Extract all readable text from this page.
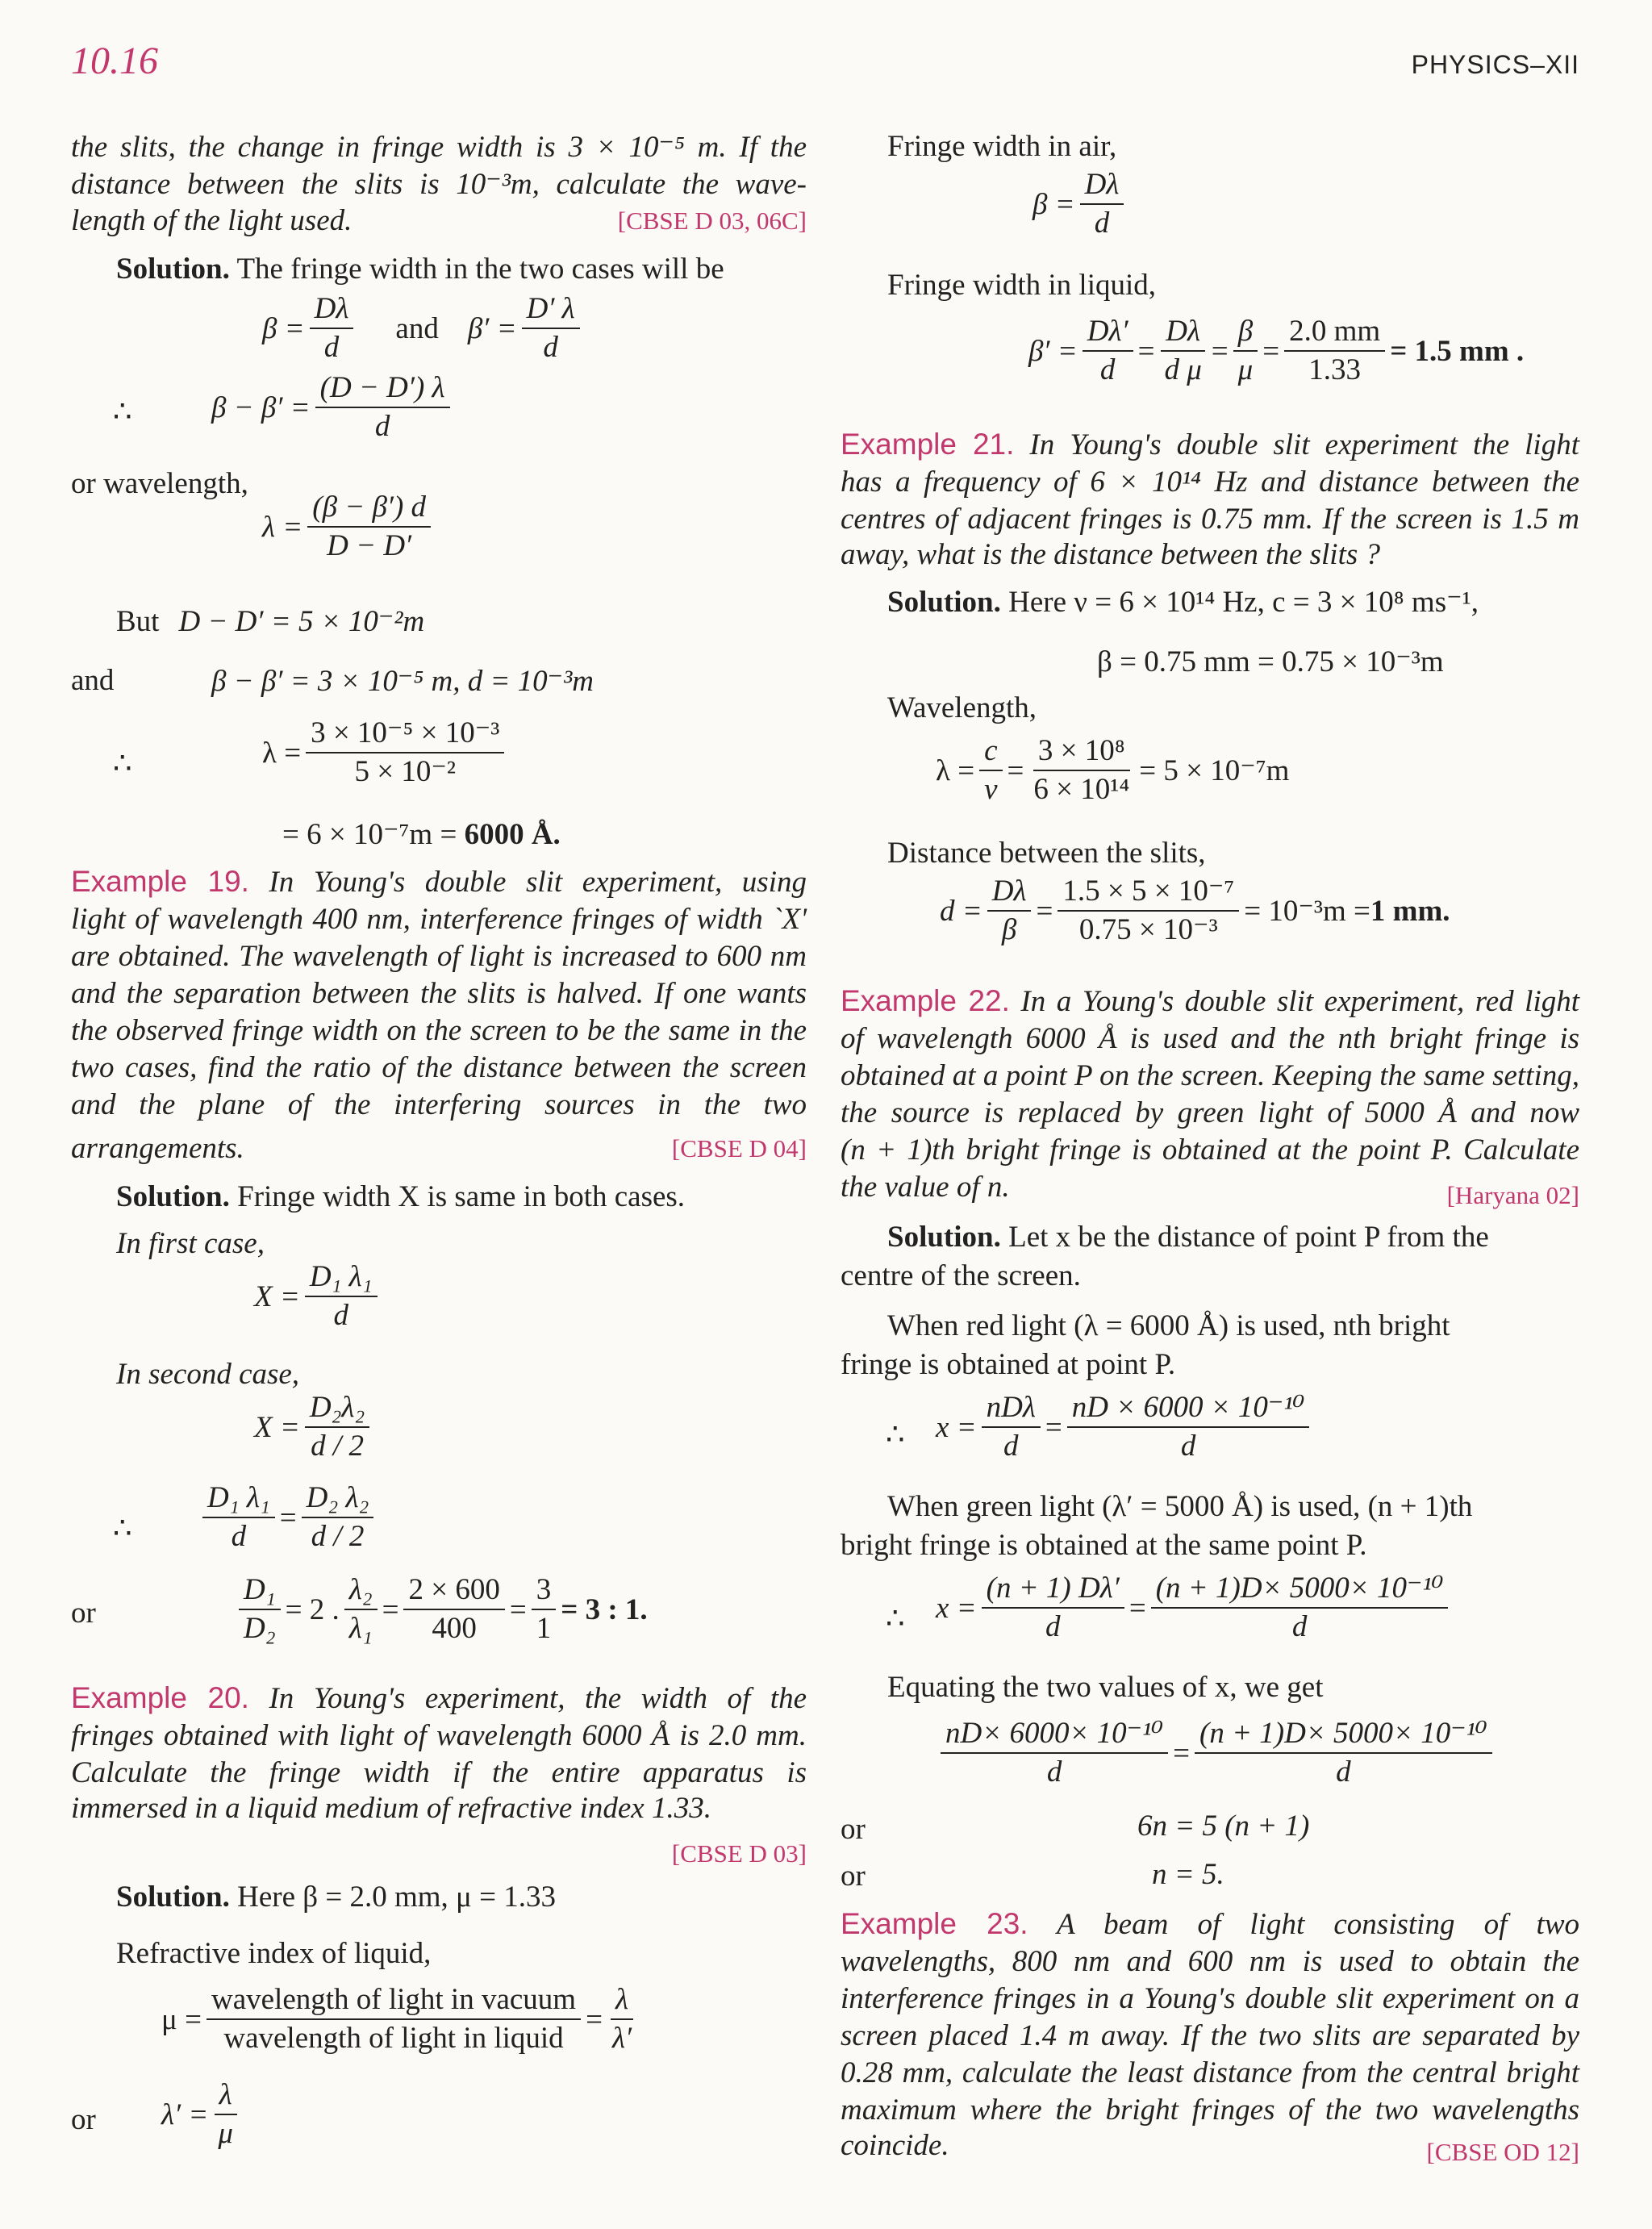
10.16	PHYSICS–XII
the slits, the change in fringe width is 3 × 10⁻⁵ m. If the
distance between the slits is 10⁻³m, calculate the wave-
length of the light used.	[CBSE D 03, 06C]
Solution. The fringe width in the two cases will be
$\beta = \frac{D\lambda}{d}$ and $\beta' = \frac{D' \lambda}{d}$
∴	$\beta - \beta' = \frac{(D - D') \lambda}{d}$
or wavelength,
$\lambda = \frac{(\beta - \beta') d}{D - D'}$
But D − D′ = 5 × 10⁻²m
and	β − β′ = 3 × 10⁻⁵ m, d = 10⁻³m
∴	$\lambda = \frac{\text{3 × 10⁻⁵ × 10⁻³}}{\text{5 × 10⁻²}}$
= 6 × 10⁻⁷m = 6000 Å.
Example 19. In Young's double slit experiment, using
light of wavelength 400 nm, interference fringes of width `X'
are obtained. The wavelength of light is increased to 600 nm
and the separation between the slits is halved. If one wants
the observed fringe width on the screen to be the same in the
two cases, find the ratio of the distance between the screen
and the plane of the interfering sources in the two
arrangements.	[CBSE D 04]
Solution. Fringe width X is same in both cases.
In first case,
$X = \frac{\text{D₁ λ₁}}{d}$
In second case,
$X = \frac{\text{D₂λ₂}}{d / 2}$
∴ $\frac{\text{D₁ λ₁}}{d} = \frac{\text{D₂ λ₂}}{d / 2}$
or	$\frac{\text{D₁}}{\text{D₂}} = 2$ . $\frac{\text{λ₂}}{\text{λ₁}} = \frac{2 \times 600}{400} = \frac{3}{1} = 3$ : 1.
Example 20. In Young's experiment, the width of the
fringes obtained with light of wavelength 6000 Å is 2.0 mm.
Calculate the fringe width if the entire apparatus is
immersed in a liquid medium of refractive index 1.33.
[CBSE D 03]
Solution. Here β = 2.0 mm, μ = 1.33
Refractive index of liquid,
$\mu = \frac{\text{wavelength of light in vacuum}}{\text{wavelength of light in liquid}} = \frac{\lambda}{\lambda'}$
or $\lambda' = \frac{\lambda}{\mu}$
Fringe width in air,
$\beta = \frac{D\lambda}{d}$
Fringe width in liquid,
$\beta' = \frac{D\lambda'}{d} = \frac{D\lambda}{\text{d μ}} = \frac{\beta}{\mu} = \frac{2.0 mm}{1.33} = 1.5$ mm .
Example 21. In Young's double slit experiment the light
has a frequency of 6 × 10¹⁴ Hz and distance between the
centres of adjacent fringes is 0.75 mm. If the screen is 1.5 m
away, what is the distance between the slits ?
Solution. Here ν = 6 × 10¹⁴ Hz, c = 3 × 10⁸ ms⁻¹,
β = 0.75 mm = 0.75 × 10⁻³m
Wavelength,
$\lambda = \frac{c}{\nu} = \frac{\text{3 × 10⁸}}{\text{6 × 10¹⁴}} = 5 \times 10^{-7}m$
Distance between the slits,
$d = \frac{D\lambda}{\beta} = \frac{\text{1.5 × 5 × 10⁻⁷}}{\text{0.75 × 10⁻³}} = 10^{-3}m = 1$ mm.
Example 22. In a Young's double slit experiment, red light
of wavelength 6000 Å is used and the nth bright fringe is
obtained at a point P on the screen. Keeping the same setting,
the source is replaced by green light of 5000 Å and now
(n + 1)th bright fringe is obtained at the point P. Calculate
the value of n.	[Haryana 02]
Solution. Let x be the distance of point P from the
centre of the screen.
When red light (λ = 6000 Å) is used, nth bright
fringe is obtained at point P.
∴ $x = \frac{\text{nDλ}}{d} = \frac{\text{nD × 6000 × 10⁻¹⁰}}{d}$
When green light (λ′ = 5000 Å) is used, (n + 1)th
bright fringe is obtained at the same point P.
∴ $x = \frac{(n + 1) D\lambda'}{d} = \frac{\text{(n + 1)D× 5000× 10⁻¹⁰}}{d}$
Equating the two values of x, we get
$\frac{\text{nD× 6000× 10⁻¹⁰}}{d} = \frac{\text{(n + 1)D× 5000× 10⁻¹⁰}}{d}$
or	6n = 5 (n + 1)
or	n = 5.
Example 23. A beam of light consisting of two
wavelengths, 800 nm and 600 nm is used to obtain the
interference fringes in a Young's double slit experiment on a
screen placed 1.4 m away. If the two slits are separated by
0.28 mm, calculate the least distance from the central bright
maximum where the bright fringes of the two wavelengths
coincide.	[CBSE OD 12]
